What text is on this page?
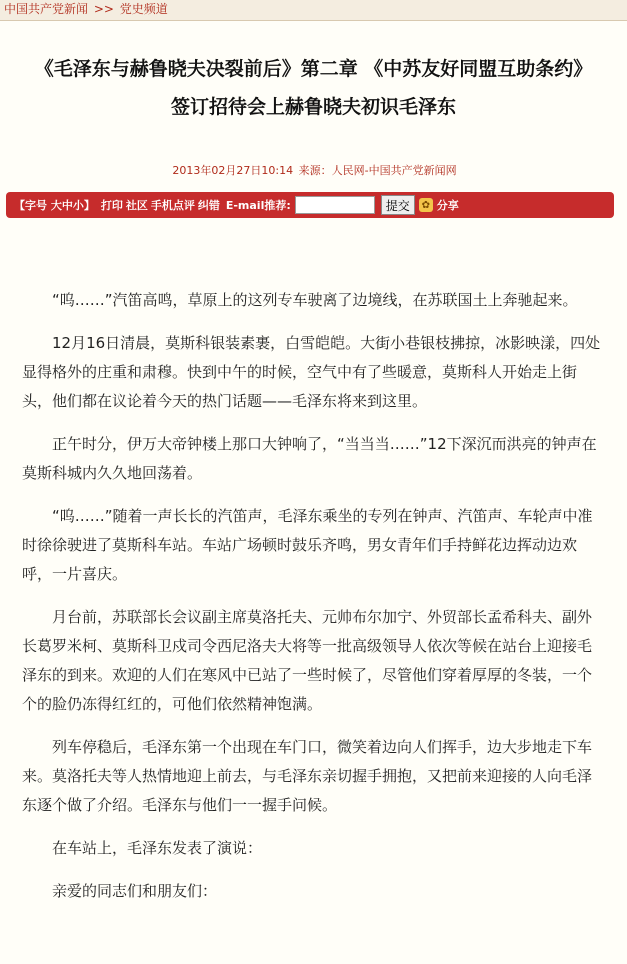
中国共产党新闻 >> 党史频道
《毛泽东与赫鲁晓夫决裂前后》第二章 《中苏友好同盟互助条约》
签订招待会上赫鲁晓夫初识毛泽东
2013年02月27日10:14 来源：人民网-中国共产党新闻网
【字号 大中小】 打印 社区 手机点评 纠错 E-mail推荐:	提交	✿ 分享

“呜……”汽笛高鸣，草原上的这列专车驶离了边境线，在苏联国土上奔驰起来。

12月16日清晨，莫斯科银装素裹，白雪皑皑。大街小巷银枝拂掠，冰影映漾，四处显得格外的庄重和肃穆。快到中午的时候，空气中有了些暖意，莫斯科人开始走上街头，他们都在议论着今天的热门话题——毛泽东将来到这里。

正午时分，伊万大帝钟楼上那口大钟响了，“当当当……”12下深沉而洪亮的钟声在莫斯科城内久久地回荡着。

“呜……”随着一声长长的汽笛声，毛泽东乘坐的专列在钟声、汽笛声、车轮声中准时徐徐驶进了莫斯科车站。车站广场顿时鼓乐齐鸣，男女青年们手持鲜花边挥动边欢呼，一片喜庆。

月台前，苏联部长会议副主席莫洛托夫、元帅布尔加宁、外贸部长孟希科夫、副外长葛罗米柯、莫斯科卫戍司令西尼洛夫大将等一批高级领导人依次等候在站台上迎接毛泽东的到来。欢迎的人们在寒风中已站了一些时候了，尽管他们穿着厚厚的冬装，一个个的脸仍冻得红红的，可他们依然精神饱满。

列车停稳后，毛泽东第一个出现在车门口，微笑着边向人们挥手，边大步地走下车来。莫洛托夫等人热情地迎上前去，与毛泽东亲切握手拥抱，又把前来迎接的人向毛泽东逐个做了介绍。毛泽东与他们一一握手问候。

在车站上，毛泽东发表了演说：

亲爱的同志们和朋友们：
